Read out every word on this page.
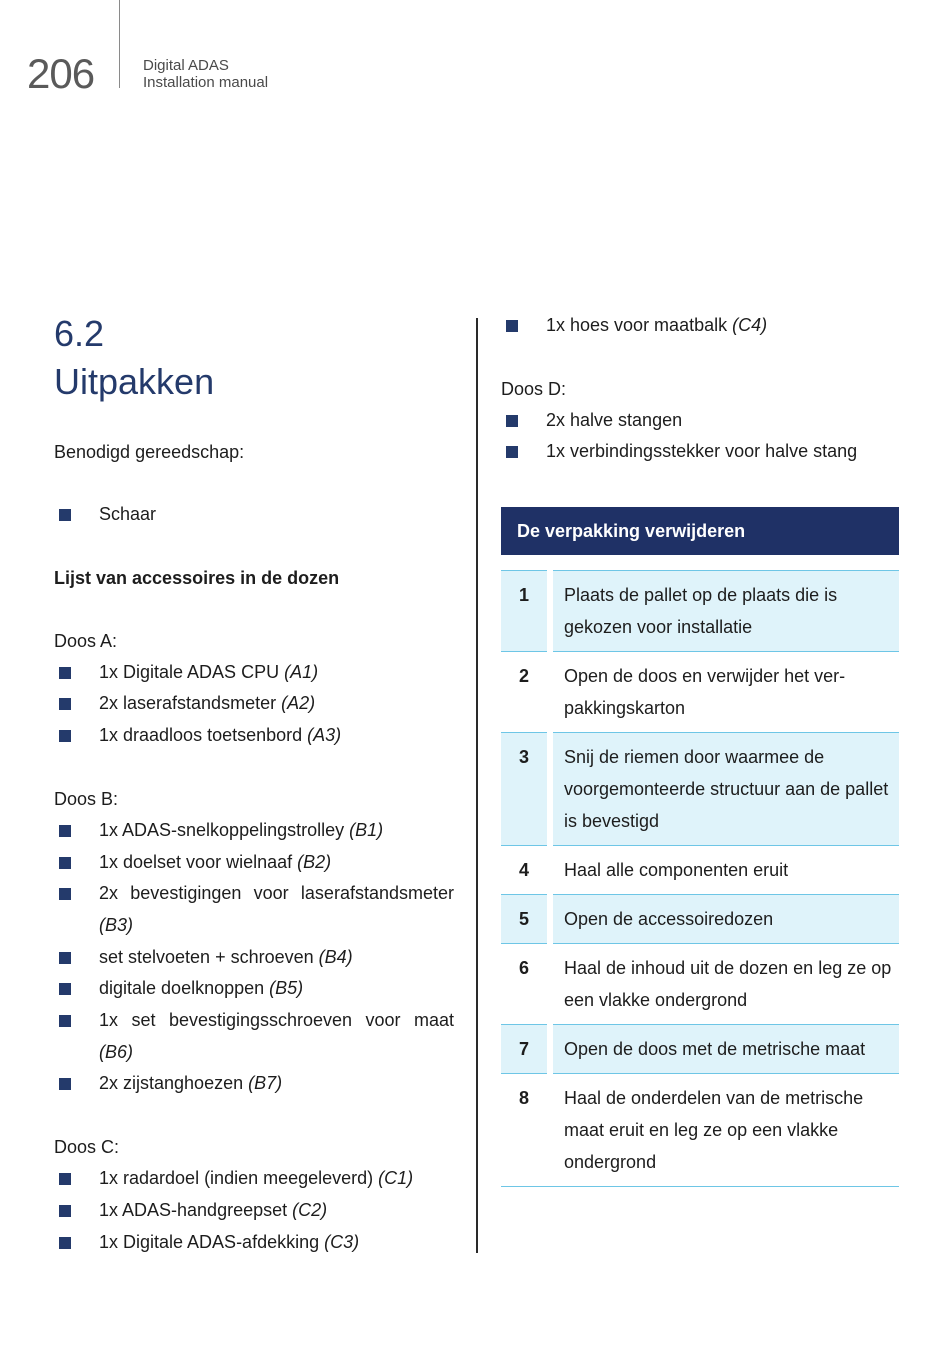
206	Digital ADAS
Installation manual
6.2
Uitpakken

Benodigd gereedschap:

Schaar

Lijst van accessoires in de dozen

Doos A:

1x Digitale ADAS CPU (A1)
2x laserafstandsmeter (A2)
1x draadloos toetsenbord (A3)

Doos B:

1x ADAS-snelkoppelingstrolley (B1)
1x doelset voor wielnaaf (B2)
2x bevestigingen voor laserafstandsmeter (B3)
set stelvoeten + schroeven (B4)
digitale doelknoppen (B5)
1x set bevestigingsschroeven voor maat (B6)
2x zijstanghoezen (B7)

Doos C:

1x radardoel (indien meegeleverd) (C1)
1x ADAS-handgreepset (C2)
1x Digitale ADAS-afdekking (C3)
1x hoes voor maatbalk (C4)

Doos D:

2x halve stangen
1x verbindingsstekker voor halve stang
De verpakking verwijderen
1	Plaats de pallet op de plaats die is gekozen voor installatie
2	Open de doos en verwijder het ver-pakkingskarton
3	Snij de riemen door waarmee de voorgemonteerde structuur aan de pallet is bevestigd
4	Haal alle componenten eruit
5	Open de accessoiredozen
6	Haal de inhoud uit de dozen en leg ze op een vlakke ondergrond
7	Open de doos met de metrische maat
8	Haal de onderdelen van de metrische maat eruit en leg ze op een vlakke ondergrond
